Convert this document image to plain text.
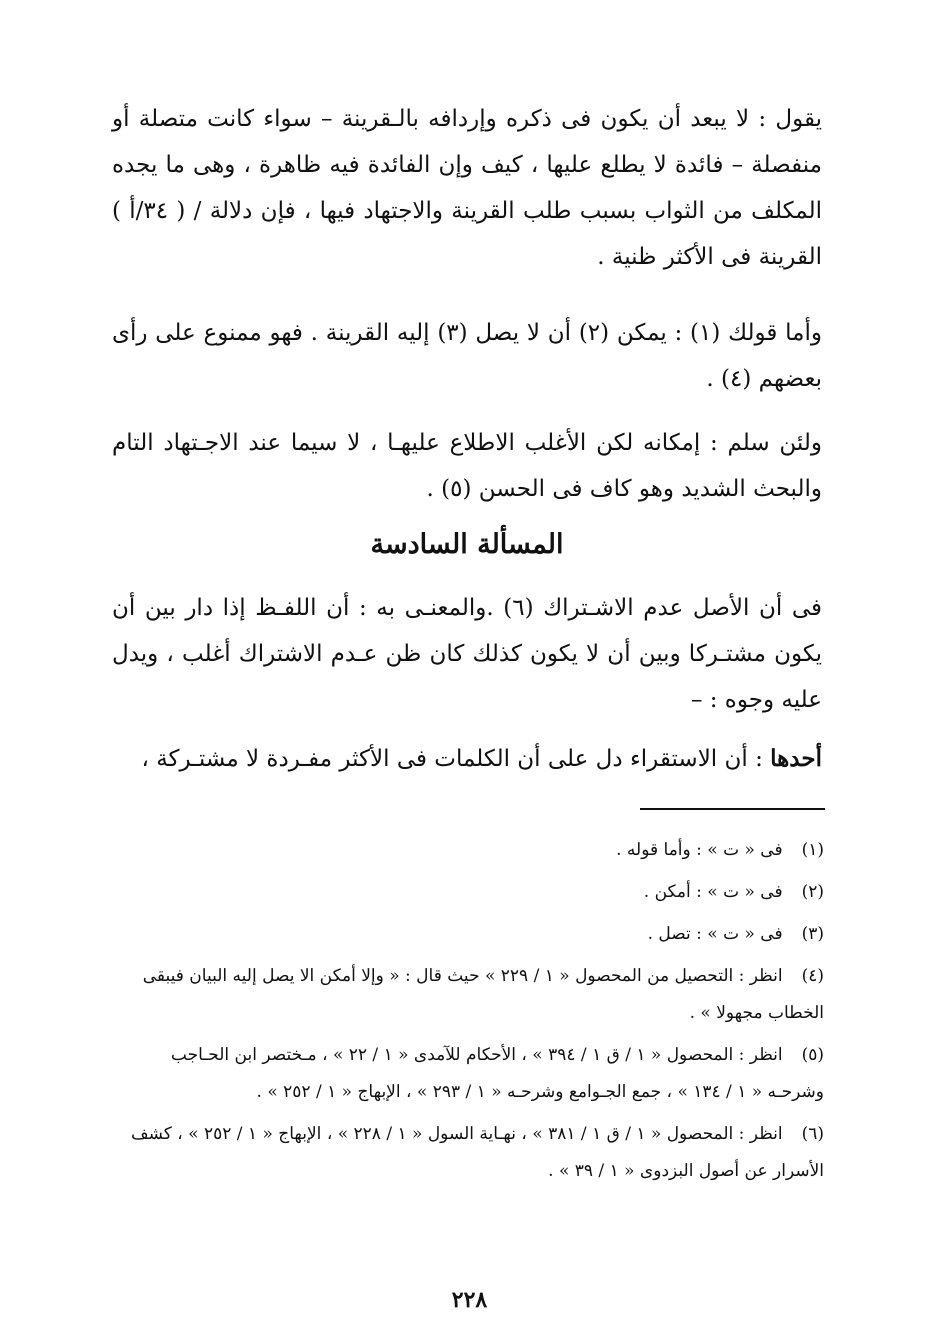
يقول : لا يبعد أن يكون فى ذكره وإردافه بالـقرينة – سواء كانت متصلة أو منفصلة – فائدة لا يطلع عليها ، كيف وإن الفائدة فيه ظاهرة ، وهى ما يجده المكلف من الثواب بسبب طلب القرينة والاجتهاد فيها ، فإن دلالة / ( ٣٤/أ ) القرينة فى الأكثر ظنية .

وأما قولك (١) : يمكن (٢) أن لا يصل (٣) إليه القرينة . فهو ممنوع على رأى بعضهم (٤) .

ولئن سلم : إمكانه لكن الأغلب الاطلاع عليهـا ، لا سيما عند الاجـتهاد التام والبحث الشديد وهو كاف فى الحسن (٥) .

المسألة السادسة

فى أن الأصل عدم الاشـتراك (٦) .والمعنـى به : أن اللفـظ إذا دار بين أن يكون مشتـركا وبين أن لا يكون كذلك كان ظن عـدم الاشتراك أغلب ، ويدل عليه وجوه : –

أحدها : أن الاستقراء دل على أن الكلمات فى الأكثر مفـردة لا مشتـركة ،

(١) فى « ت » : وأما قوله .
(٢) فى « ت » : أمكن .
(٣) فى « ت » : تصل .
(٤) انظر : التحصيل من المحصول « ١ / ٢٢٩ » حيث قال : « وإلا أمكن الا يصل إليه البيان فيبقى الخطاب مجهولا » .
(٥) انظر : المحصول « ١ / ق ١ / ٣٩٤ » ، الأحكام للآمدى « ١ / ٢٢ » ، مـختصر ابن الحـاجب وشرحـه « ١ / ١٣٤ » ، جمع الجـوامع وشرحـه « ١ / ٢٩٣ » ، الإبهاج « ١ / ٢٥٢ » .
(٦) انظر : المحصول « ١ / ق ١ / ٣٨١ » ، نهـاية السول « ١ / ٢٢٨ » ، الإبهاج « ١ / ٢٥٢ » ، كشف الأسرار عن أصول البزدوى « ١ / ٣٩ » .
٢٢٨
